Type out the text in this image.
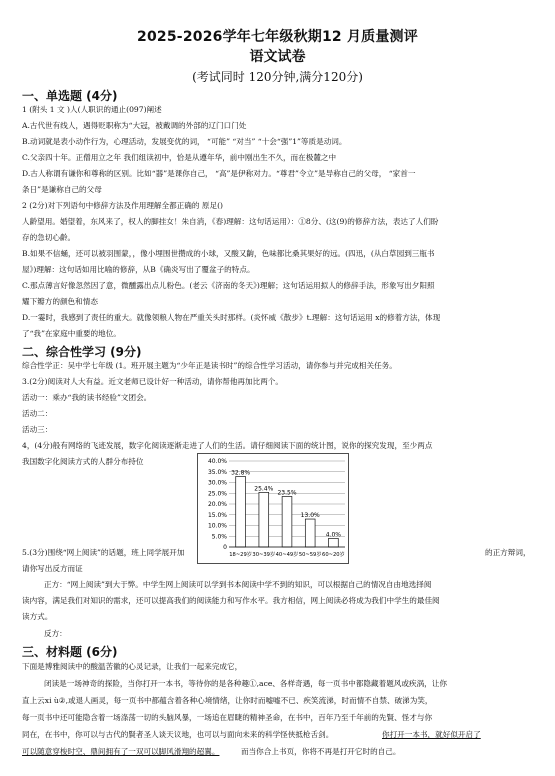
2025-2026学年七年级秋期12 月质量测评
语文试卷
(考试同时 120分钟,满分120分)
一、单选题 (4分)
1 (附头 1 文 )人(人职识的通止(097)阐述
A.古代世有线人，遇得贬职称为“大冠，被戴调的外部的辽门口门处
B.动词就是表小动作行为，心理活动，发展变优的词， “可能” “对当” “十会“强”1”等质是动词。
C.父亲四十年。正僧用立之年 我们组读初中，恰是从遵年华，前中刚出生不久，而在极麓之中
D.古人称谓有谦你和尊称的区别。比如“器”是课你自己， “高”是伊称对力。“尊君”令立”是导称自己的父母， “家首一
条日”是谦称自己的父母
2 (2分)对下列语句中修辞方法及作用理解全都正确的 原足()
人齡望用。婚望着，东风来了，权人的脚挂女！朱自消，《春)理解：这句话运用）：①8分、(这(9)的修辞方法，表达了人们盼
存的急切心齡。
B.如果不信蛹，还可以被羽围蒙，，像小埋围世攒成的小球，又酸又齣，色味都比桑其果好的远。(四迅，(从白草园到三瓶书
屋》)理解：这句话如用比喻的修辞，从B《确炎写出了覆盆子的特点。
C.那点薄言好像忽然因了意，微醺露出点儿粉色。(老云《济南的冬天》)理解；这句话运用拟人的修辞手法，形象写出夕阳照
耀下瓣方的颜色和情态
D.一霎时，我感到了责任的重大。就像领粮人物在严重关头时那样。(炎怀威《散步》t.理解：这句话运用 x的修着方法，体现
了“我”在家庭中重要的地位。
二、综合性学习 (9分)
综合性学正：吴中学七年级 (1。班开展主题为“少年正是读书时”的综合性学习活动，请你参与并完成相关任务。
3.(2分)阅读对人大有益。近文老师已设计好一种活动，请你帮他再加比两个。
活动一：乘办“我的读书经验”文团会。
活动二：
活动三：
4，(4分)般有网络的飞迹发展，数字化阅读逐渐走进了人们的生活。请仔细阅读下面的统计图，说你的探究发现，至少两点
我国数字化阅读方式的人群分布持位	40.0%
35.0%
30.0%
25.0%
20.0%
15.0%
10.0%
5.0%
0
32.8%
18~29岁
25.4%
30~39岁
23.5%
40~49岁
13.0%
50~59岁
4.0%
60~20岁
5.(3分)围绕“网上阅读”的话题，班上同学展开加	的正方辩词，
请你写出反方而证
正方：“网上阅读”到大于弊。中学生网上阅读可以学到书本阅读中学不到的知识，可以根据自己的情况自由地选择阅
读内容，满足我们对知识的需求，还可以提高我们的阅读能力和写作水平。我方相信，网上阅读必将成为我们中学生的最佳阅
读方式。
反方：
三、材料题 (6分)
下面是博雅阅读中的酸温苦徽的心灵记录，让我们一起来完成它，
闭读是一场神奇的探险，当你打开一本书，等待你的是各种趣①,ace、各样奇遇，每一页书中都隐藏着题风或疾涡，让你
直上云xi ù②,或退人画灵，每一页书中都蕴含着各种心境情绪，让你时而嘘嘘不已、疾笑流涕，时而情不自禁、破涕为笑，
每一页书中还可能隐含着一场涤荡一切的头脑风暴，一场追在眉睫的精神圣命，在书中，百年乃至千年前的先賢、怪才与你
同在，在书中，你可以与古代的賢者圣人谈天议地，也可以与面向未来的科学怪侠抵枪舌剑。	你打开一本书，就好似开启了
可以随意穿梭时空、鼎间拥有了一双可以脚风滑翔的超翼。	而当你合上书页，你将不再是打开它时的自己。
